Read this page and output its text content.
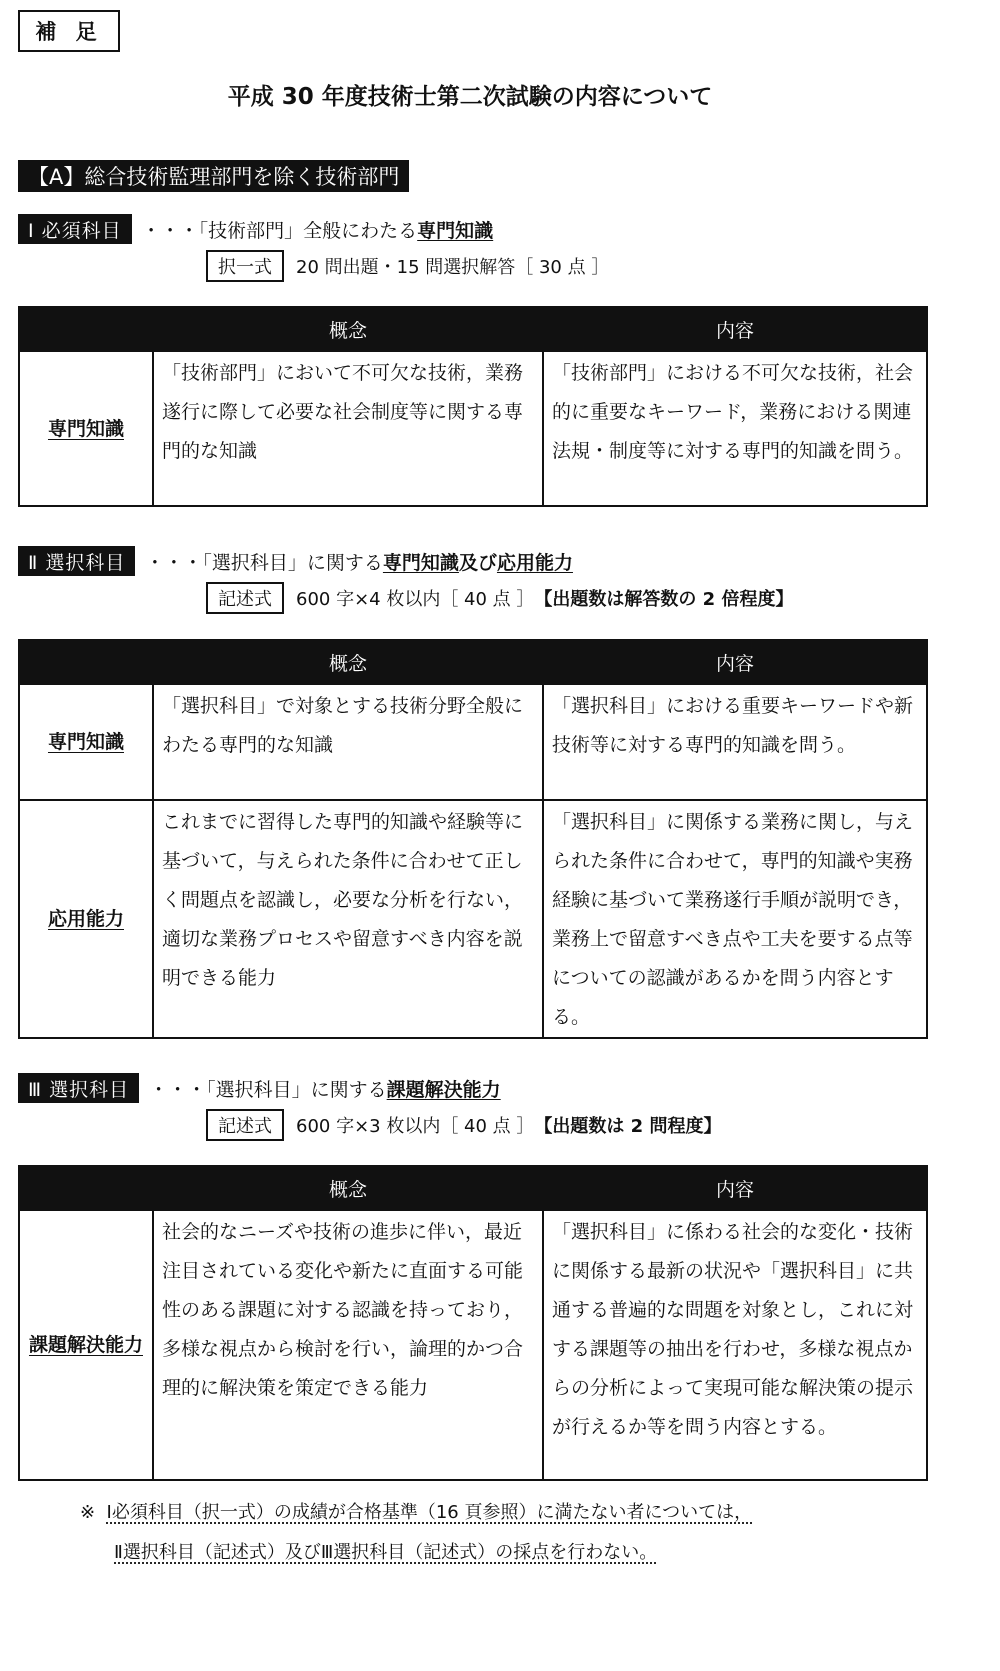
補 足
平成 30 年度技術士第二次試験の内容について
【A】総合技術監理部門を除く技術部門
Ⅰ 必須科目	・・・「技術部門」全般にわたる専門知識
択一式	20 問出題・15 問選択解答［ 30 点 ］
	概念	内容
専門知識	「技術部門」において不可欠な技術，業務遂行に際して必要な社会制度等に関する専門的な知識	「技術部門」における不可欠な技術，社会的に重要なキーワード，業務における関連法規・制度等に対する専門的知識を問う。
Ⅱ 選択科目	・・・「選択科目」に関する専門知識及び応用能力
記述式	600 字×4 枚以内［ 40 点 ］ 【出題数は解答数の 2 倍程度】
	概念	内容
専門知識	「選択科目」で対象とする技術分野全般にわたる専門的な知識	「選択科目」における重要キーワードや新技術等に対する専門的知識を問う。
応用能力	これまでに習得した専門的知識や経験等に基づいて，与えられた条件に合わせて正しく問題点を認識し，必要な分析を行ない，適切な業務プロセスや留意すべき内容を説明できる能力	「選択科目」に関係する業務に関し，与えられた条件に合わせて，専門的知識や実務経験に基づいて業務遂行手順が説明でき，業務上で留意すべき点や工夫を要する点等についての認識があるかを問う内容とする。
Ⅲ 選択科目	・・・「選択科目」に関する課題解決能力
記述式	600 字×3 枚以内［ 40 点 ］ 【出題数は 2 問程度】
	概念	内容
課題解決能力	社会的なニーズや技術の進歩に伴い，最近注目されている変化や新たに直面する可能性のある課題に対する認識を持っており，多様な視点から検討を行い，論理的かつ合理的に解決策を策定できる能力	「選択科目」に係わる社会的な変化・技術に関係する最新の状況や「選択科目」に共通する普遍的な問題を対象とし，これに対する課題等の抽出を行わせ，多様な視点からの分析によって実現可能な解決策の提示が行えるか等を問う内容とする。
※ Ⅰ必須科目（択一式）の成績が合格基準（16 頁参照）に満たない者については，
Ⅱ選択科目（記述式）及びⅢ選択科目（記述式）の採点を行わない。
